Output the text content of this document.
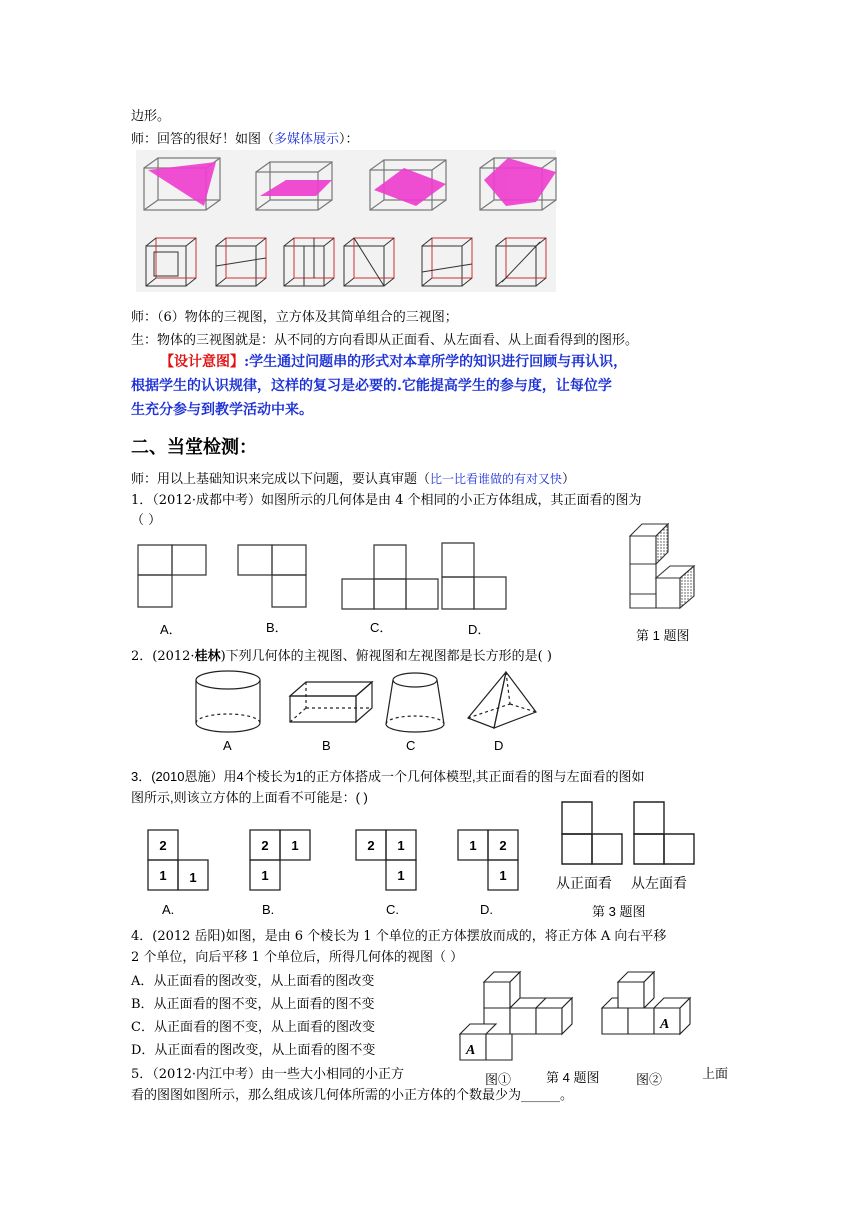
边形。
师：回答的很好！如图（多媒体展示）：
师：（6）物体的三视图，立方体及其简单组合的三视图；
生：物体的三视图就是：从不同的方向看即从正面看、从左面看、从上面看得到的图形。
【设计意图】:学生通过问题串的形式对本章所学的知识进行回顾与再认识，
根据学生的认识规律，这样的复习是必要的.它能提高学生的参与度，让每位学
生充分参与到教学活动中来。
二、当堂检测：
师：用以上基础知识来完成以下问题，要认真审题（比一比看谁做的有对又快）
1．（2012·成都中考）如图所示的几何体是由 4 个相同的小正方体组成，其正面看的图为
（ ）
A．	B．	C．	D．	第 1 题图
2．(2012·桂林)下列几何体的主视图、俯视图和左视图都是长方形的是( )
A	B	C	D
3．(2010恩施）用4个棱长为1的正方体搭成一个几何体模型,其正面看的图与左面看的图如
图所示,则该立方体的上面看不可能是：( )
2
1 1
2 1
1
2 1
1
1 2
1
A.	B.	C.	D.
从正面看 从左面看
第 3 题图
4．(2012 岳阳)如图，是由 6 个棱长为 1 个单位的正方体摆放而成的，将正方体 A 向右平移
2 个单位，向后平移 1 个单位后，所得几何体的视图（ ）
A．从正面看的图改变，从上面看的图改变
B．从正面看的图不变，从上面看的图不变
C．从正面看的图不变，从上面看的图改变
D．从正面看的图改变，从上面看的图不变	A
A
图①	第 4 题图	图②
5．（2012·内江中考）由一些大小相同的小正方	上面
看的图图如图所示，那么组成该几何体所需的小正方体的个数最少为______。
